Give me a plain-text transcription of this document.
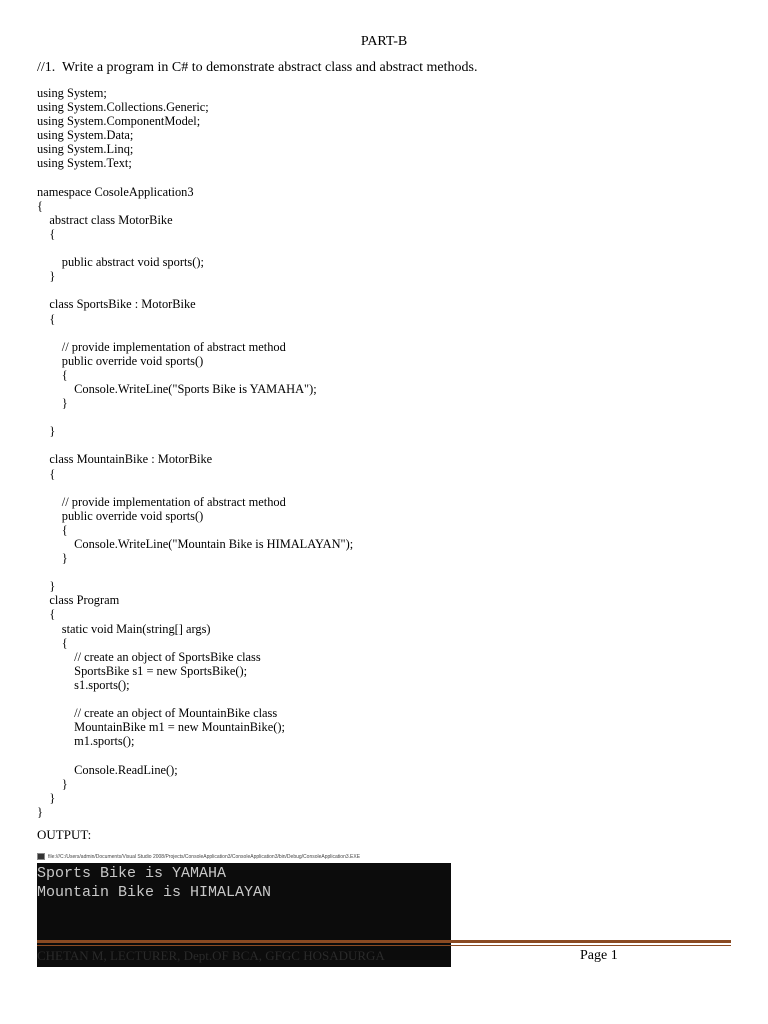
PART-B
//1.  Write a program in C# to demonstrate abstract class and abstract methods.
using System;
using System.Collections.Generic;
using System.ComponentModel;
using System.Data;
using System.Linq;
using System.Text;
namespace CosoleApplication3
{
abstract class MotorBike
{
public abstract void sports();
}
class SportsBike : MotorBike
{
// provide implementation of abstract method
public override void sports()
{
Console.WriteLine("Sports Bike is YAMAHA");
}
}
class MountainBike : MotorBike
{
// provide implementation of abstract method
public override void sports()
{
Console.WriteLine("Mountain Bike is HIMALAYAN");
}
}
class Program
{
static void Main(string[] args)
{
// create an object of SportsBike class
SportsBike s1 = new SportsBike();
s1.sports();
// create an object of MountainBike class
MountainBike m1 = new MountainBike();
m1.sports();
Console.ReadLine();
}
}
}
OUTPUT:
file:///C:/Users/admin/Documents/Visual Studio 2008/Projects/ConsoleApplication3/ConsoleApplication3/bin/Debug/ConsoleApplication3.EXE
Sports Bike is YAMAHA
Mountain Bike is HIMALAYAN
CHETAN M, LECTURER, Dept.OF BCA, GFGC HOSADURGA	Page 1
